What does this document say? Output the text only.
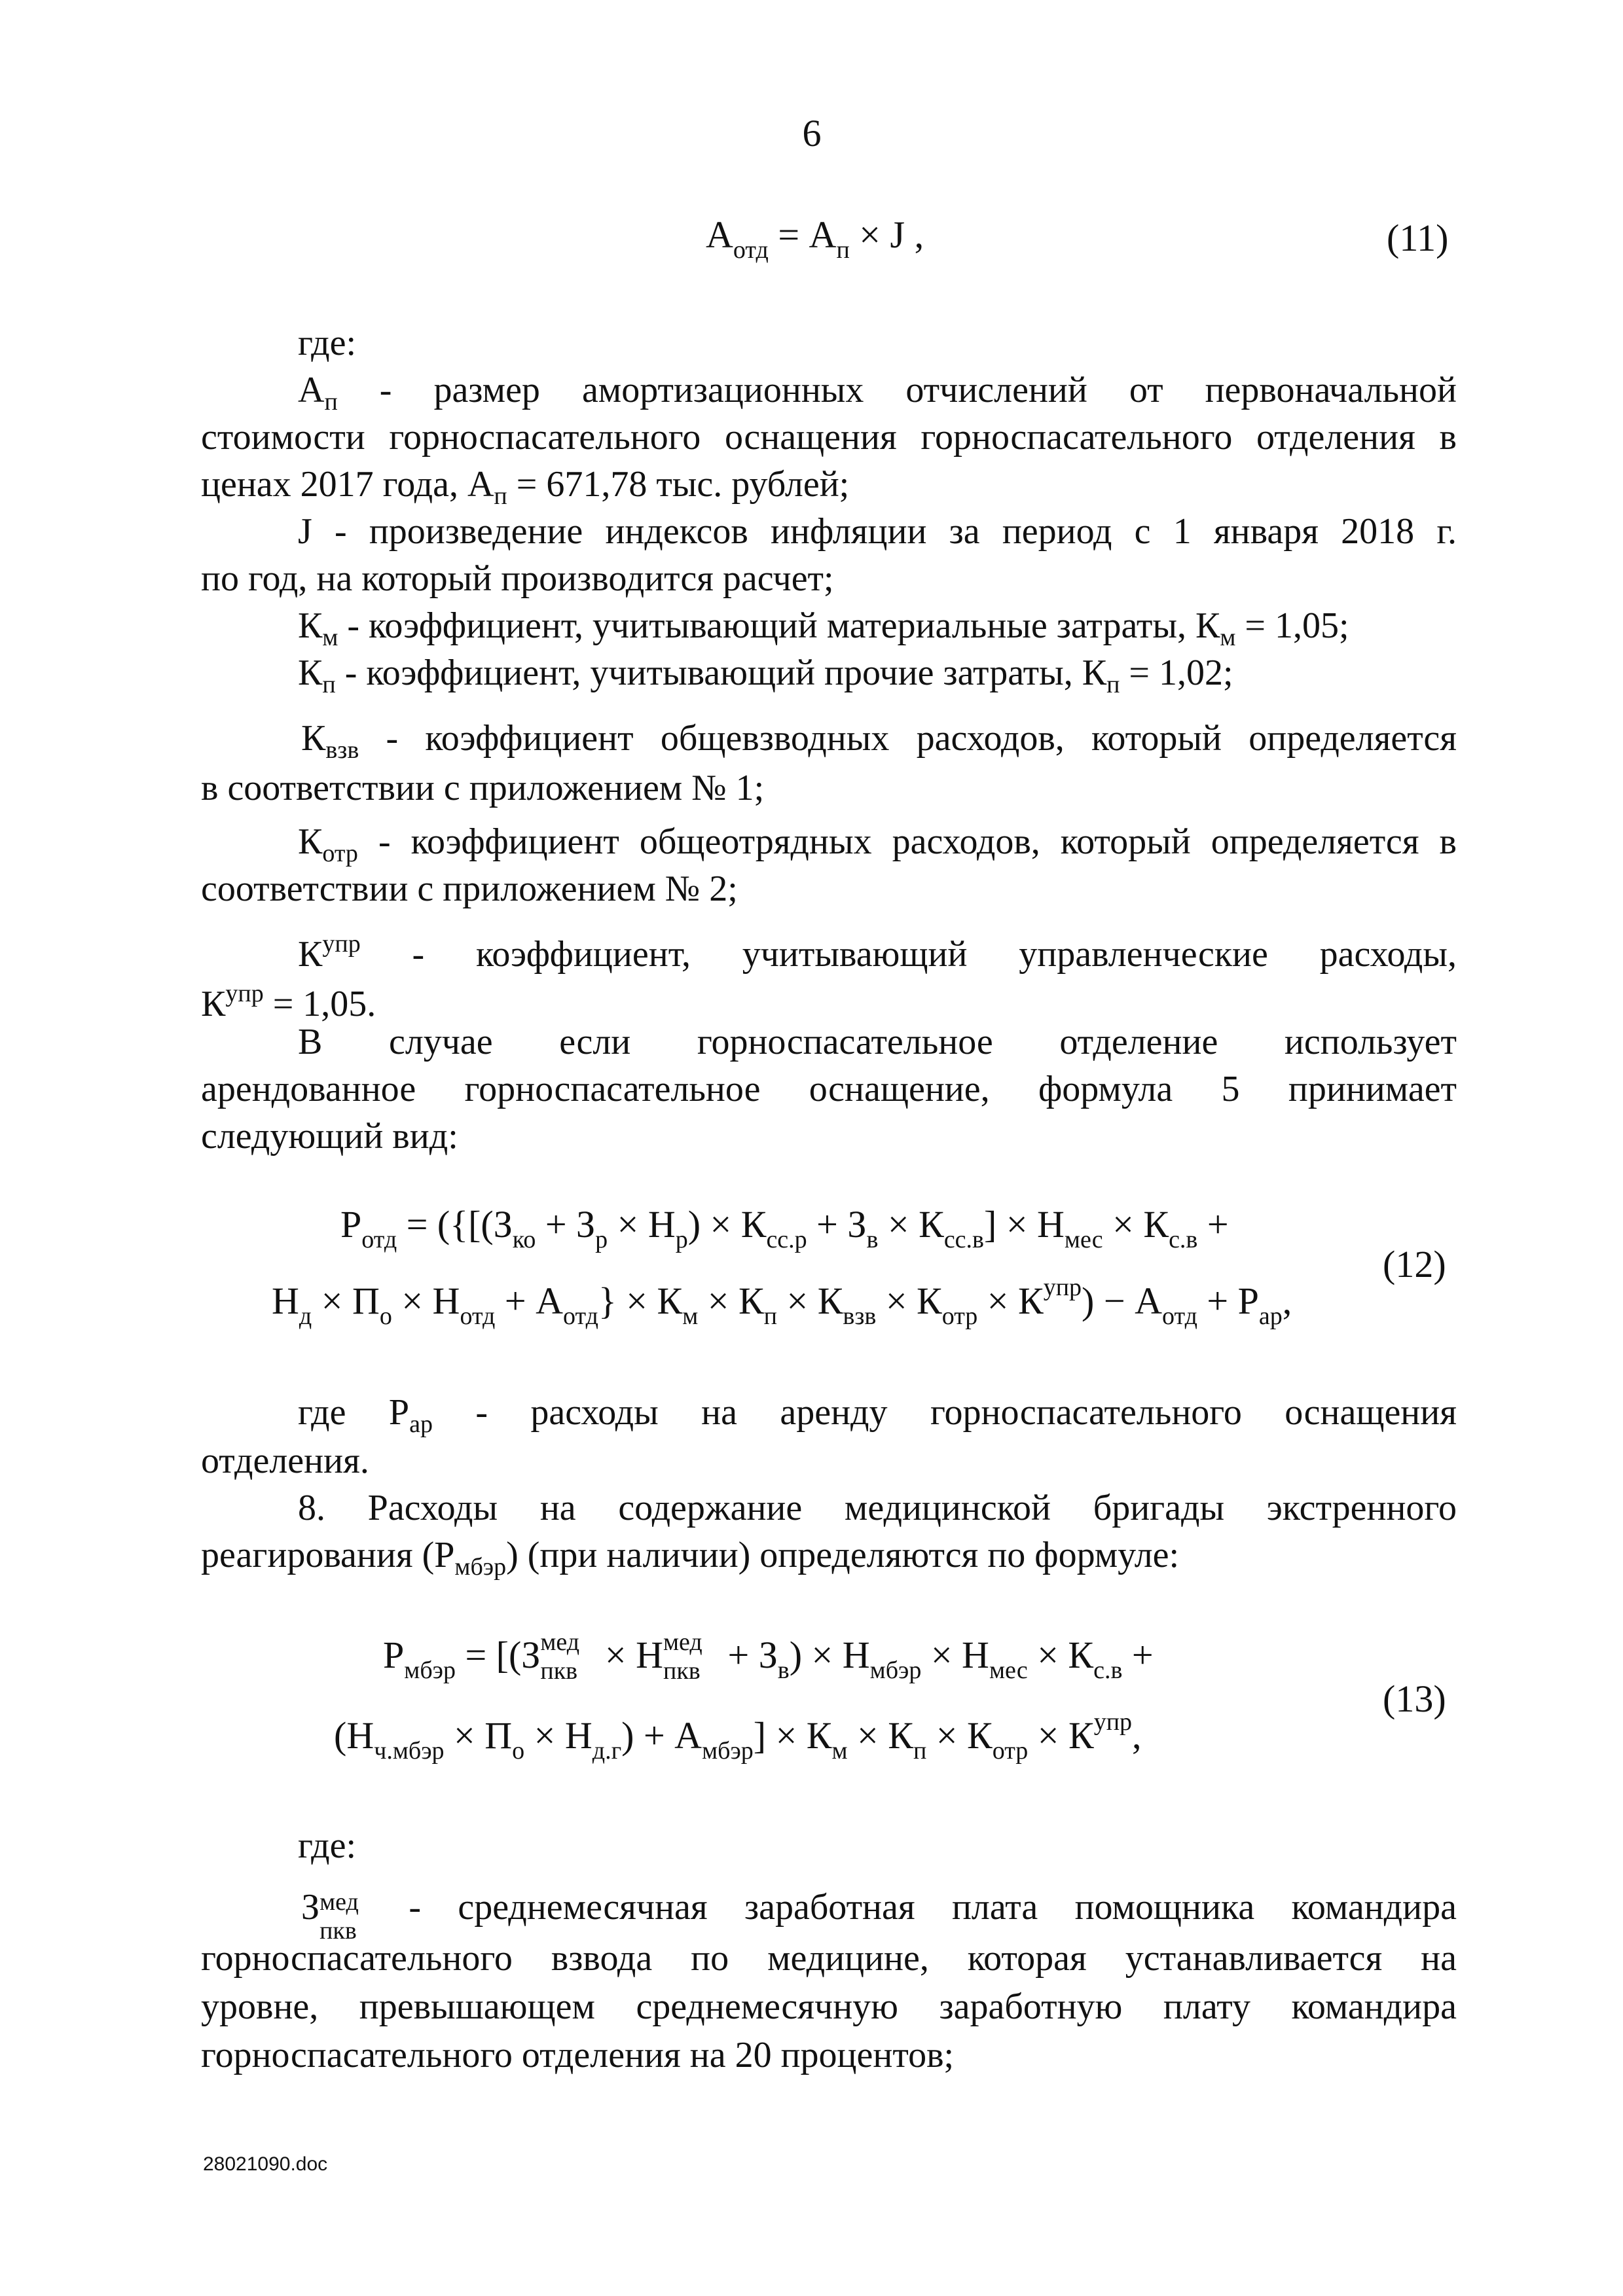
6
$А_{отд} = А_п \times J$ ,	(11)
где:
$А_п$ - размер амортизационных отчислений от первоначальной
стоимости горноспасательного оснащения горноспасательного отделения в
ценах 2017 года, $А_п = 671,78$ тыс. рублей;
J - произведение индексов инфляции за период с 1 января 2018 г.
по год, на который производится расчет;
$К_м$ - коэффициент, учитывающий материальные затраты, $К_м = 1,05$;
$К_п$ - коэффициент, учитывающий прочие затраты, $К_п = 1,02$;
$К_{взв}$ - коэффициент общевзводных расходов, который определяется
в соответствии с приложением № 1;
$К_{отр}$ - коэффициент общеотрядных расходов, который определяется в
соответствии с приложением № 2;
$К^{упр}$ - коэффициент, учитывающий управленческие расходы,
$К^{упр} = 1,05$.
В случае если горноспасательное отделение использует
арендованное горноспасательное оснащение, формула 5 принимает
следующий вид:
$Р_{отд} = (\{[(З_{ко} + З_р \times Н_р) \times К_{сс.р} + З_в \times К_{сс.в}] \times Н_{мес} \times К_{с.в}$ +
$Н_д \times П_о \times Н_{отд} + А_{отд}\} \times К_м \times К_п \times К_{взв} \times К_{отр} \times К^{упр}) - А_{отд} + Р_{ар}$,
(12)
где $Р_{ар}$ - расходы на аренду горноспасательного оснащения
отделения.
8. Расходы на содержание медицинской бригады экстренного
реагирования $(Р_{мбэр})$ (при наличии) определяются по формуле:
$Р_{мбэр} = [(З$ мед
пкв × Н мед
пкв + $З_в) \times Н_{мбэр} \times Н_{мес} \times К_{с.в}$ +
$(Н_{ч.мбэр} \times П_о \times Н_{д.г}) + А_{мбэр}] \times К_м \times К_п \times К_{отр} \times К^{упр}$,
(13)
где:
З мед
пкв
- среднемесячная заработная плата помощника командира
горноспасательного взвода по медицине, которая устанавливается на
уровне, превышающем среднемесячную заработную плату командира
горноспасательного отделения на 20 процентов;
28021090.doc
